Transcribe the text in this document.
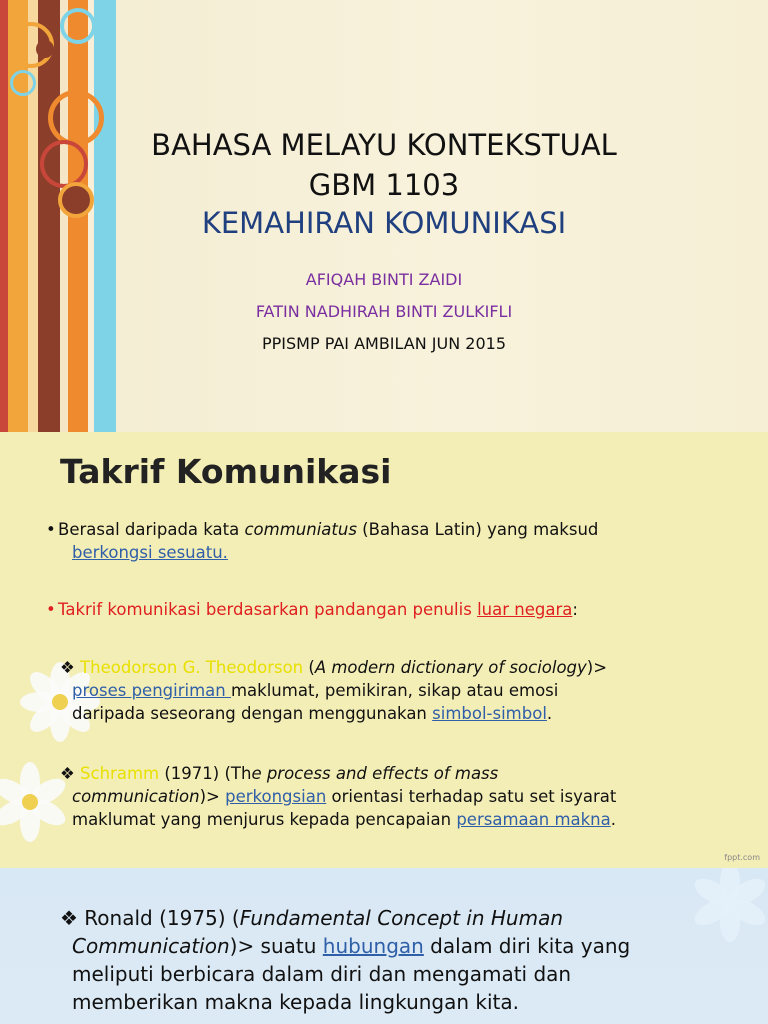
BAHASA MELAYU KONTEKSTUAL
GBM 1103
KEMAHIRAN KOMUNIKASI
AFIQAH BINTI ZAIDI
FATIN NADHIRAH BINTI ZULKIFLI
PPISMP PAI AMBILAN JUN 2015
Takrif Komunikasi
• Berasal daripada kata communiatus (Bahasa Latin) yang maksud
berkongsi sesuatu.
• Takrif komunikasi berdasarkan pandangan penulis luar negara:
❖ Theodorson G. Theodorson (A modern dictionary of sociology)>
proses pengiriman maklumat, pemikiran, sikap atau emosi
daripada seseorang dengan menggunakan simbol-simbol.
❖ Schramm (1971) (The process and effects of mass
communication)> perkongsian orientasi terhadap satu set isyarat
maklumat yang menjurus kepada pencapaian persamaan makna.
fppt.com
❖ Ronald (1975) (Fundamental Concept in Human
Communication)> suatu hubungan dalam diri kita yang
meliputi berbicara dalam diri dan mengamati dan
memberikan makna kepada lingkungan kita.
